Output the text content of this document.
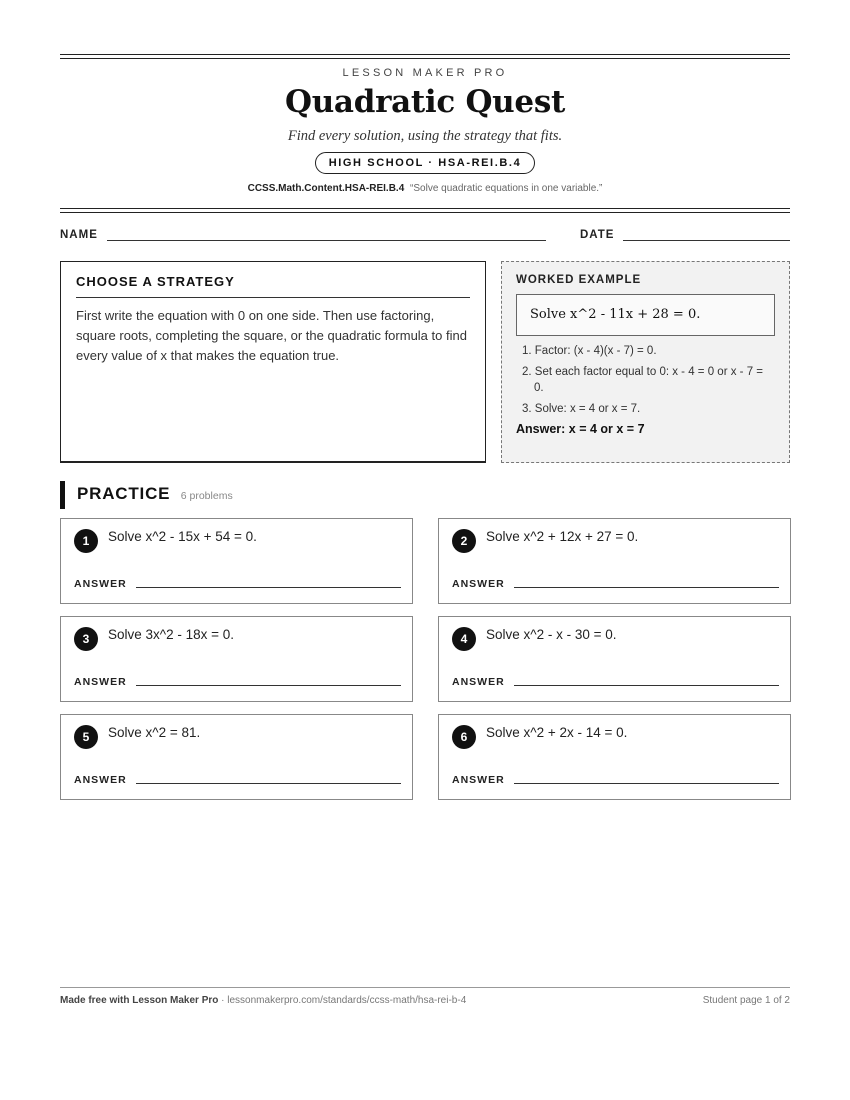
LESSON MAKER PRO
Quadratic Quest
Find every solution, using the strategy that fits.
HIGH SCHOOL · HSA-REI.B.4
CCSS.Math.Content.HSA-REI.B.4 “Solve quadratic equations in one variable.”
NAME	DATE
CHOOSE A STRATEGY

First write the equation with 0 on one side. Then use factoring, square roots, completing the square, or the quadratic formula to find every value of x that makes the equation true.

WORKED EXAMPLE
Solve x^2 - 11x + 28 = 0.
1. Factor: (x - 4)(x - 7) = 0.
2. Set each factor equal to 0: x - 4 = 0 or x - 7 = 0.
3. Solve: x = 4 or x = 7.
Answer: x = 4 or x = 7
PRACTICE 6 problems
1	Solve x^2 - 15x + 54 = 0.
ANSWER
2	Solve x^2 + 12x + 27 = 0.
ANSWER
3	Solve 3x^2 - 18x = 0.
ANSWER
4	Solve x^2 - x - 30 = 0.
ANSWER
5	Solve x^2 = 81.
ANSWER
6	Solve x^2 + 2x - 14 = 0.
ANSWER
Made free with Lesson Maker Pro · lessonmakerpro.com/standards/ccss-math/hsa-rei-b-4	Student page 1 of 2
